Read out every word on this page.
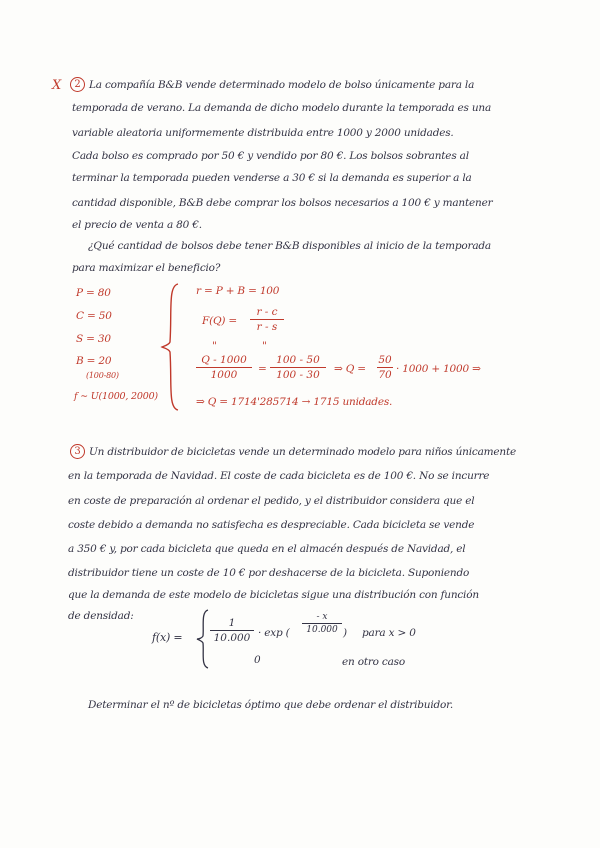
X	2 La compañía B&B vende determinado modelo de bolso únicamente para la
temporada de verano. La demanda de dicho modelo durante la temporada es una
variable aleatoria uniformemente distribuida entre 1000 y 2000 unidades.
Cada bolso es comprado por 50 € y vendido por 80 €. Los bolsos sobrantes al
terminar la temporada pueden venderse a 30 € si la demanda es superior a la
cantidad disponible, B&B debe comprar los bolsos necesarios a 100 € y mantener
el precio de venta a 80 €.
¿Qué cantidad de bolsos debe tener B&B disponibles al inicio de la temporada
para maximizar el beneficio?
P = 80
C = 50
S = 30
B = 20
(100-80)
f ∼ U(1000, 2000)
r = P + B = 100
F(Q) =
r - c
r - s
"	"
Q - 1000
1000	=
100 - 50
100 - 30	⇒ Q =
50
70 · 1000 + 1000 ⇒
⇒ Q = 1714'285714 → 1715 unidades.
3 Un distribuidor de bicicletas vende un determinado modelo para niños únicamente
en la temporada de Navidad. El coste de cada bicicleta es de 100 €. No se incurre
en coste de preparación al ordenar el pedido, y el distribuidor considera que el
coste debido a demanda no satisfecha es despreciable. Cada bicicleta se vende
a 350 € y, por cada bicicleta que queda en el almacén después de Navidad, el
distribuidor tiene un coste de 10 € por deshacerse de la bicicleta. Suponiendo
que la demanda de este modelo de bicicletas sigue una distribución con función
de densidad:
f(x) =
1
10.000 · exp (
- x
10.000 ) para x > 0
0	en otro caso
Determinar el nº de bicicletas óptimo que debe ordenar el distribuidor.
